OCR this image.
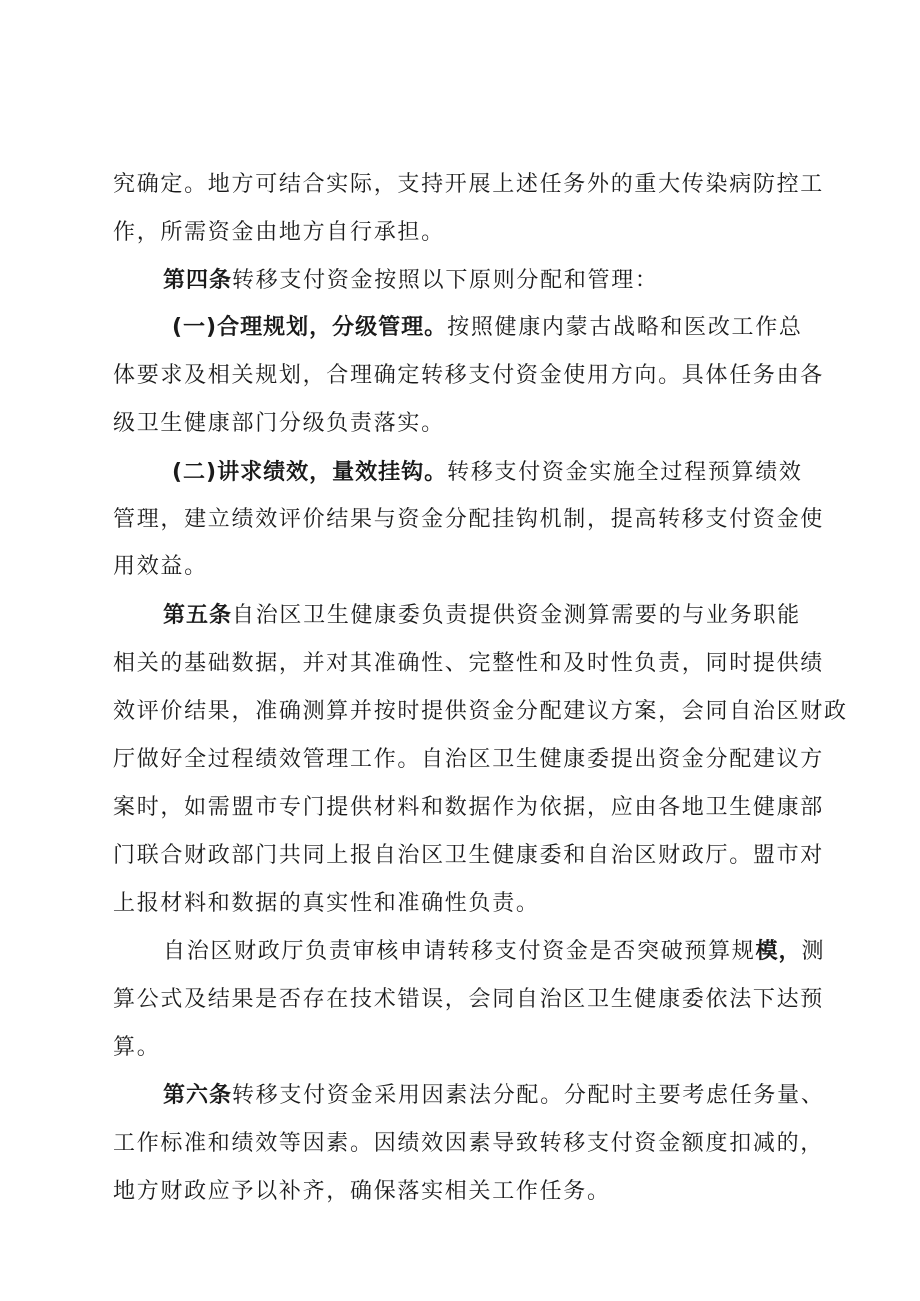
究确定。地方可结合实际，支持开展上述任务外的重大传染病防控工
作，所需资金由地方自行承担。
第四条转移支付资金按照以下原则分配和管理：
(一)合理规划，分级管理。按照健康内蒙古战略和医改工作总
体要求及相关规划，合理确定转移支付资金使用方向。具体任务由各
级卫生健康部门分级负责落实。
(二)讲求绩效，量效挂钩。转移支付资金实施全过程预算绩效
管理，建立绩效评价结果与资金分配挂钩机制，提高转移支付资金使
用效益。
第五条自治区卫生健康委负责提供资金测算需要的与业务职能
相关的基础数据，并对其准确性、完整性和及时性负责，同时提供绩
效评价结果，准确测算并按时提供资金分配建议方案，会同自治区财政
厅做好全过程绩效管理工作。自治区卫生健康委提出资金分配建议方
案时，如需盟市专门提供材料和数据作为依据，应由各地卫生健康部
门联合财政部门共同上报自治区卫生健康委和自治区财政厅。盟市对
上报材料和数据的真实性和准确性负责。
自治区财政厅负责审核申请转移支付资金是否突破预算规模，测
算公式及结果是否存在技术错误，会同自治区卫生健康委依法下达预
算。
第六条转移支付资金采用因素法分配。分配时主要考虑任务量、
工作标准和绩效等因素。因绩效因素导致转移支付资金额度扣减的，
地方财政应予以补齐，确保落实相关工作任务。
